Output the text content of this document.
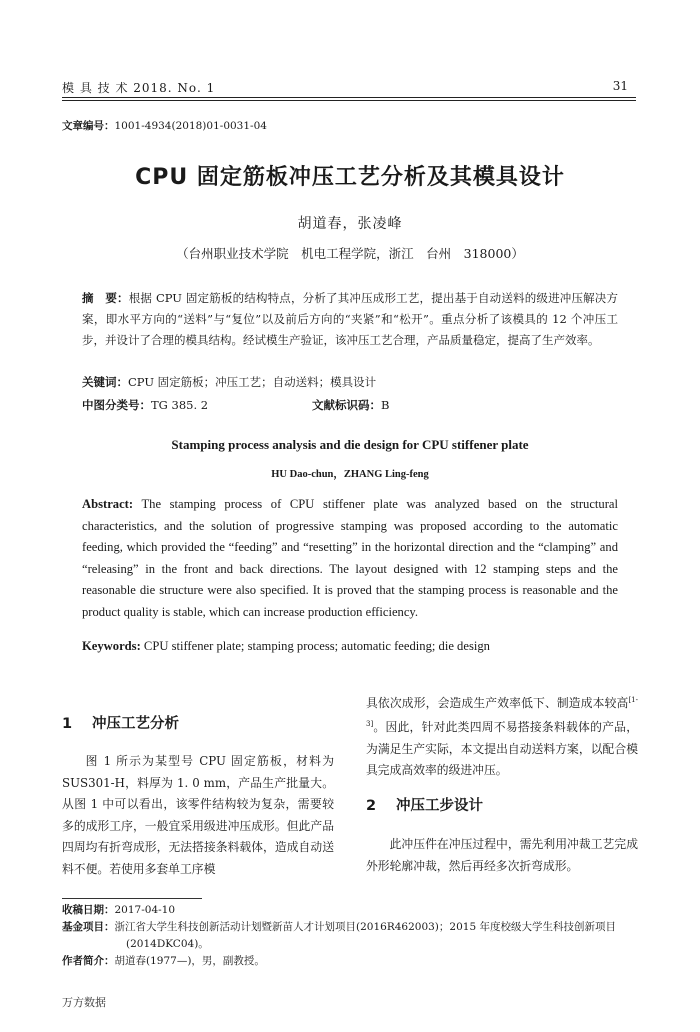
模 具 技 术 2018. No. 1	31
文章编号：1001-4934(2018)01-0031-04
CPU 固定筋板冲压工艺分析及其模具设计
胡道春，张凌峰
（台州职业技术学院　机电工程学院，浙江　台州　318000）
摘　要：根据 CPU 固定筋板的结构特点，分析了其冲压成形工艺，提出基于自动送料的级进冲压解决方案，即水平方向的“送料”与“复位”以及前后方向的“夹紧”和“松开”。重点分析了该模具的 12 个冲压工步，并设计了合理的模具结构。经试模生产验证，该冲压工艺合理，产品质量稳定，提高了生产效率。
关键词：CPU 固定筋板；冲压工艺；自动送料；模具设计
中图分类号：TG 385. 2	文献标识码：B
Stamping process analysis and die design for CPU stiffener plate
HU Dao-chun，ZHANG Ling-feng
Abstract: The stamping process of CPU stiffener plate was analyzed based on the structural characteristics, and the solution of progressive stamping was proposed according to the automatic feeding, which provided the “feeding” and “resetting” in the horizontal direction and the “clamping” and “releasing” in the front and back directions. The layout designed with 12 stamping steps and the reasonable die structure were also specified. It is proved that the stamping process is reasonable and the product quality is stable, which can increase production efficiency.
Keywords: CPU stiffener plate; stamping process; automatic feeding; die design
1 冲压工艺分析

图 1 所示为某型号 CPU 固定筋板，材料为 SUS301-H，料厚为 1. 0 mm，产品生产批量大。从图 1 中可以看出，该零件结构较为复杂，需要较多的成形工序，一般宜采用级进冲压成形。但此产品四周均有折弯成形，无法搭接条料载体，造成自动送料不便。若使用多套单工序模

具依次成形，会造成生产效率低下、制造成本较高[1-3]。因此，针对此类四周不易搭接条料载体的产品，为满足生产实际，本文提出自动送料方案，以配合模具完成高效率的级进冲压。

2 冲压工步设计

此冲压件在冲压过程中，需先利用冲裁工艺完成外形轮廓冲裁，然后再经多次折弯成形。

收稿日期：2017-04-10
基金项目：浙江省大学生科技创新活动计划暨新苗人才计划项目(2016R462003)；2015 年度校级大学生科技创新项目(2014DKC04)。
作者简介：胡道春(1977—)，男，副教授。
万方数据
